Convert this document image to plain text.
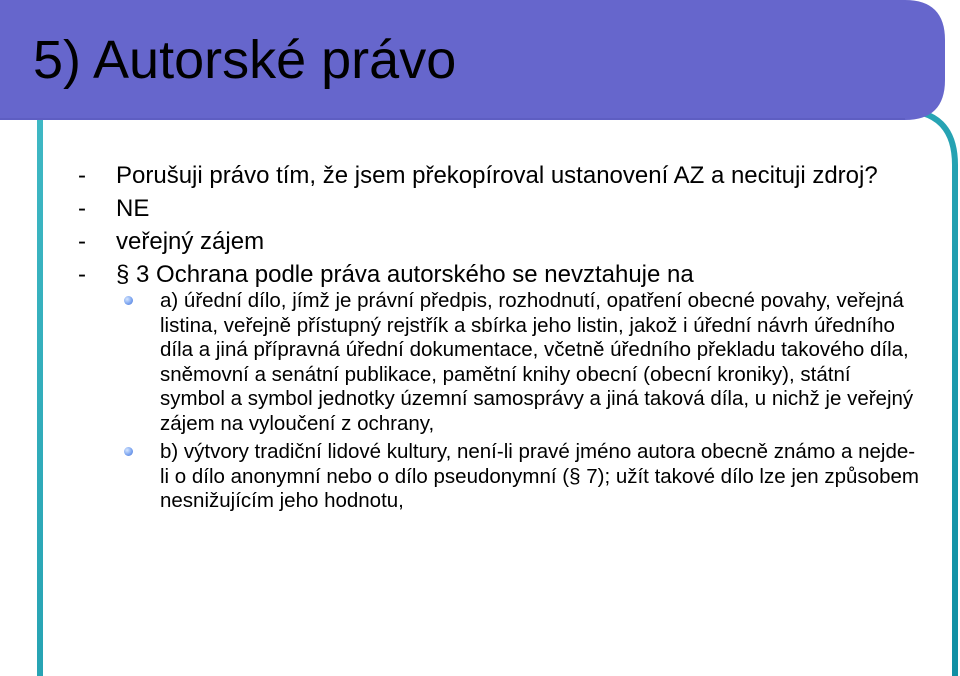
5) Autorské právo
- Porušuji právo tím, že jsem překopíroval ustanovení AZ a necituji zdroj?
- NE
- veřejný zájem
- § 3 Ochrana podle práva autorského se nevztahuje na
a) úřední dílo, jímž je právní předpis, rozhodnutí, opatření obecné povahy, veřejná listina, veřejně přístupný rejstřík a sbírka jeho listin, jakož i úřední návrh úředního díla a jiná přípravná úřední dokumentace, včetně úředního překladu takového díla, sněmovní a senátní publikace, pamětní knihy obecní (obecní kroniky), státní symbol a symbol jednotky územní samosprávy a jiná taková díla, u nichž je veřejný zájem na vyloučení z ochrany,
b) výtvory tradiční lidové kultury, není-li pravé jméno autora obecně známo a nejde-li o dílo anonymní nebo o dílo pseudonymní (§ 7); užít takové dílo lze jen způsobem nesnižujícím jeho hodnotu,
